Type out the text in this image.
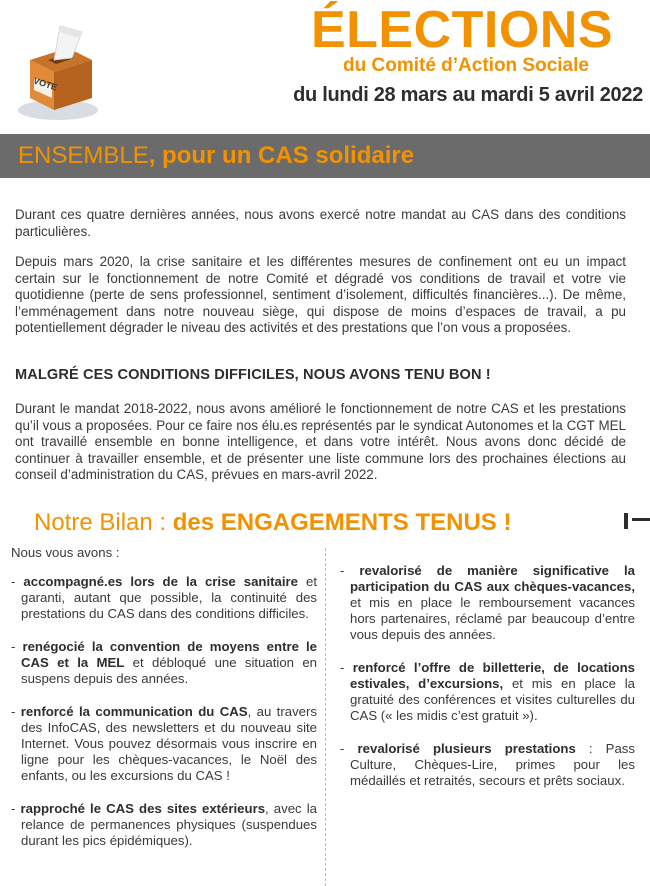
VOTE
ÉLECTIONS
du Comité d’Action Sociale
du lundi 28 mars au mardi 5 avril 2022
ENSEMBLE, pour un CAS solidaire

Durant ces quatre dernières années, nous avons exercé notre mandat au CAS dans des conditions particulières.

Depuis mars 2020, la crise sanitaire et les différentes mesures de confinement ont eu un impact certain sur le fonctionnement de notre Comité et dégradé vos conditions de travail et votre vie quotidienne (perte de sens professionnel, sentiment d’isolement, difficultés financières...). De même, l’emménagement dans notre nouveau siège, qui dispose de moins d’espaces de travail, a pu potentiellement dégrader le niveau des activités et des prestations que l’on vous a proposées.

MALGRÉ CES CONDITIONS DIFFICILES, NOUS AVONS TENU BON !

Durant le mandat 2018-2022, nous avons amélioré le fonctionnement de notre CAS et les prestations qu’il vous a proposées. Pour ce faire nos élu.es représentés par le syndicat Autonomes et la CGT MEL ont travaillé ensemble en bonne intelligence, et dans votre intérêt. Nous avons donc décidé de continuer à travailler ensemble, et de présenter une liste commune lors des prochaines élections au conseil d’administration du CAS, prévues en mars-avril 2022.

Notre Bilan : des ENGAGEMENTS TENUS !

Nous vous avons :

- accompagné.es lors de la crise sanitaire et garanti, autant que possible, la continuité des prestations du CAS dans des conditions difficiles.

- renégocié la convention de moyens entre le CAS et la MEL et débloqué une situation en suspens depuis des années.

- renforcé la communication du CAS, au travers des InfoCAS, des newsletters et du nouveau site Internet. Vous pouvez désormais vous inscrire en ligne pour les chèques-vacances, le Noël des enfants, ou les excursions du CAS !

- rapproché le CAS des sites extérieurs, avec la relance de permanences physiques (suspendues durant les pics épidémiques).

- revalorisé de manière significative la participation du CAS aux chèques-vacances, et mis en place le remboursement vacances hors partenaires, réclamé par beaucoup d’entre vous depuis des années.

- renforcé l’offre de billetterie, de locations estivales, d’excursions, et mis en place la gratuité des conférences et visites culturelles du CAS (« les midis c’est gratuit »).

- revalorisé plusieurs prestations : Pass Culture, Chèques-Lire, primes pour les médaillés et retraités, secours et prêts sociaux.
